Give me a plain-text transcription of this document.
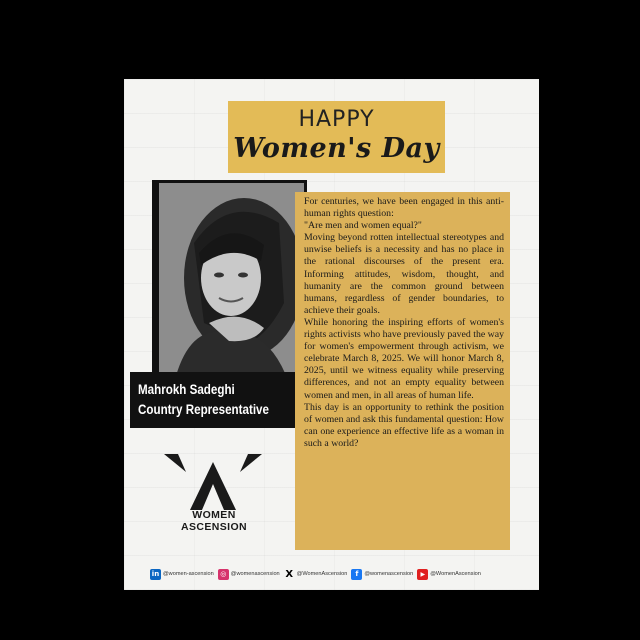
HAPPY
Women's Day
Mahrokh Sadeghi
Country Representative
WOMEN ASCENSION

For centuries, we have been engaged in this anti-human rights question:

"Are men and women equal?"

Moving beyond rotten intellectual stereotypes and unwise beliefs is a necessity and has no place in the rational discourses of the present era. Informing attitudes, wisdom, thought, and humanity are the common ground between humans, regardless of gender boundaries, to achieve their goals.

While honoring the inspiring efforts of women's rights activists who have previously paved the way for women's empowerment through activism, we celebrate March 8, 2025. We will honor March 8, 2025, until we witness equality while preserving differences, and not an empty equality between women and men, in all areas of human life.

This day is an opportunity to rethink the position of women and ask this fundamental question: How can one experience an effective life as a woman in such a world?

in @women-ascension ◎ @womenascension X @WomenAscension	f	@womenascension	▶ @WomenAscension
